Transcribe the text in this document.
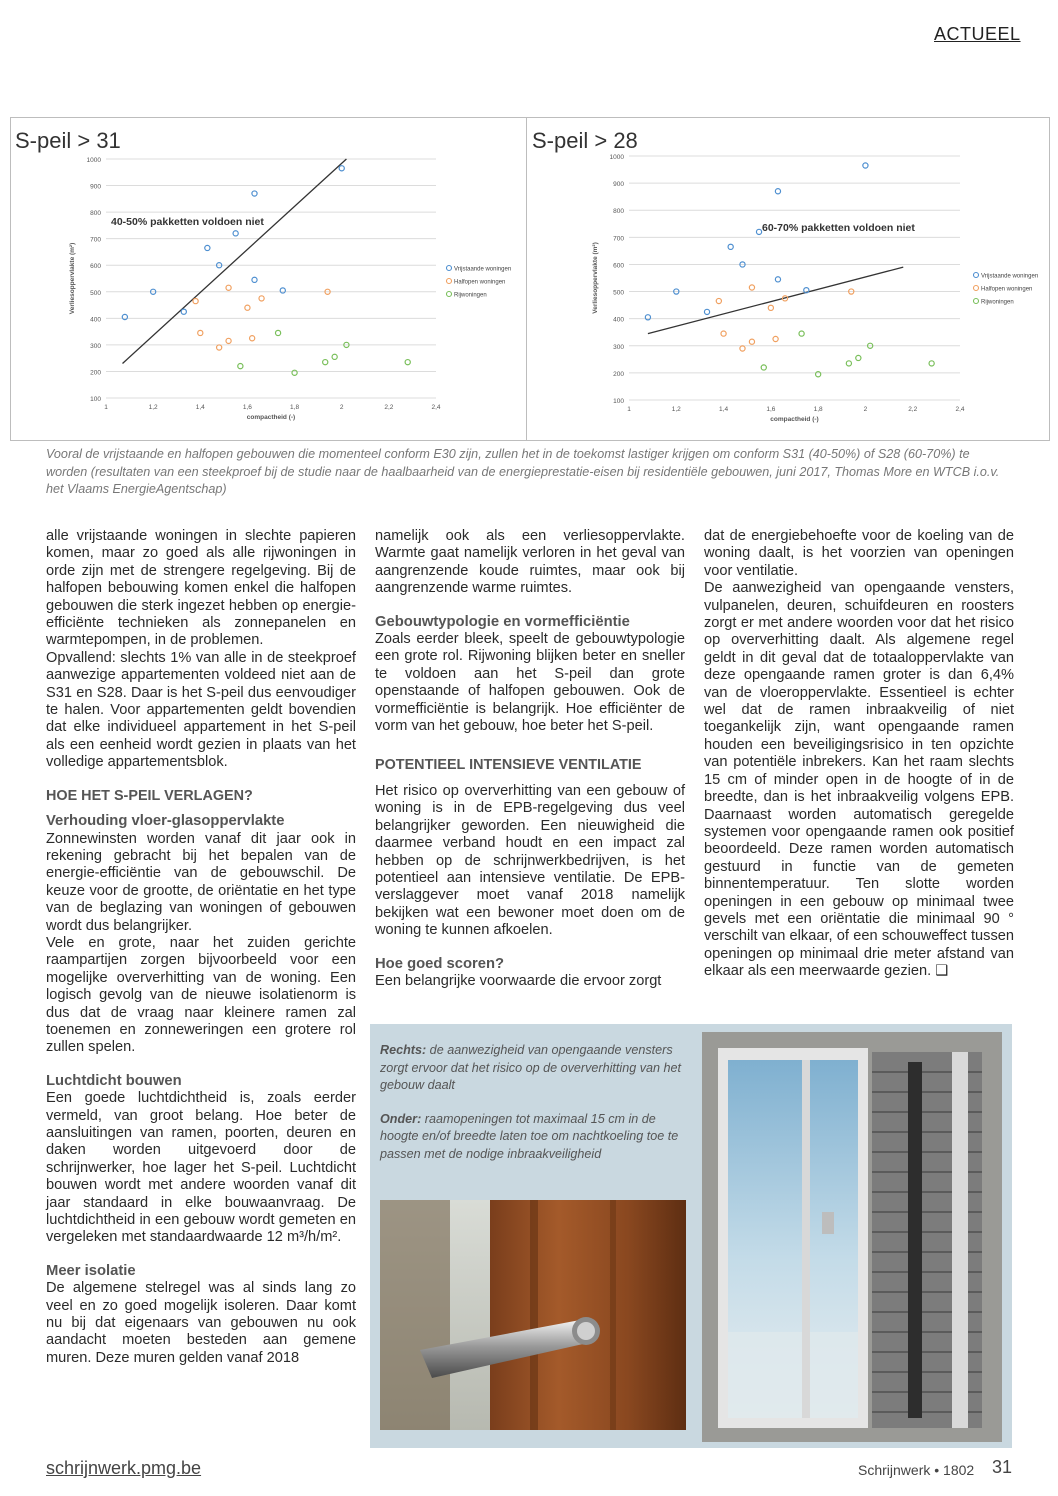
ACTUEEL
S-peil > 31
100
200
300
400
500
600
700
800
900
1000
1	1,2	1,4	1,6	1,8	2	2,2	2,4
compactheid (-)
Verliesoppervlakte (m²)
40-50% pakketten voldoen niet
Vrijstaande woningen
Halfopen woningen
Rijwoningen
S-peil > 28
100
200
300
400
500
600
700
800
900
1000
1	1,2	1,4	1,6	1,8	2	2,2	2,4
compactheid (-)
Verliesoppervlakte (m²)
60-70% pakketten voldoen niet
Vrijstaande woningen
Halfopen woningen
Rijwoningen
Vooral de vrijstaande en halfopen gebouwen die momenteel conform E30 zijn, zullen het in de toekomst lastiger krijgen om conform S31 (40-50%) of S28 (60-70%) te worden (resultaten van een steekproef bij de studie naar de haalbaarheid van de energieprestatie-eisen bij residentiële gebouwen, juni 2017, Thomas More en WTCB i.o.v. het Vlaams EnergieAgentschap)

alle vrijstaande woningen in slechte papieren komen, maar zo goed als alle rijwoningen in orde zijn met de strengere regelgeving. Bij de halfopen bebouwing komen enkel die halfopen gebouwen die sterk ingezet hebben op energie-efficiënte technieken als zonnepanelen en warmtepompen, in de problemen.

Opvallend: slechts 1% van alle in de steekproef aanwezige appartementen voldeed niet aan de S31 en S28. Daar is het S-peil dus eenvoudiger te halen. Voor appartementen geldt bovendien dat elke individueel appartement in het S-peil als een eenheid wordt gezien in plaats van het volledige appartementsblok.

HOE HET S-PEIL VERLAGEN?
Verhouding vloer-glasoppervlakte

Zonnewinsten worden vanaf dit jaar ook in rekening gebracht bij het bepalen van de energie-efficiëntie van de gebouwschil. De keuze voor de grootte, de oriëntatie en het type van de beglazing van woningen of gebouwen wordt dus belangrijker.

Vele en grote, naar het zuiden gerichte raampartijen zorgen bijvoorbeeld voor een mogelijke oververhitting van de woning. Een logisch gevolg van de nieuwe isolatienorm is dus dat de vraag naar kleinere ramen zal toenemen en zonneweringen een grotere rol zullen spelen.

Luchtdicht bouwen

Een goede luchtdichtheid is, zoals eerder vermeld, van groot belang. Hoe beter de aansluitingen van ramen, poorten, deuren en daken worden uitgevoerd door de schrijnwerker, hoe lager het S-peil. Luchtdicht bouwen wordt met andere woorden vanaf dit jaar standaard in elke bouwaanvraag. De luchtdichtheid in een gebouw wordt gemeten en vergeleken met standaardwaarde 12 m³/h/m².

Meer isolatie

De algemene stelregel was al sinds lang zo veel en zo goed mogelijk isoleren. Daar komt nu bij dat eigenaars van gebouwen nu ook aandacht moeten besteden aan gemene muren. Deze muren gelden vanaf 2018

namelijk ook als een verliesoppervlakte. Warmte gaat namelijk verloren in het geval van aangrenzende koude ruimtes, maar ook bij aangrenzende warme ruimtes.

Gebouwtypologie en vormefficiëntie

Zoals eerder bleek, speelt de gebouwtypologie een grote rol. Rijwoning blijken beter en sneller te voldoen aan het S-peil dan grote openstaande of halfopen gebouwen. Ook de vormefficiëntie is belangrijk. Hoe efficiënter de vorm van het gebouw, hoe beter het S-peil.

POTENTIEEL INTENSIEVE VENTILATIE

Het risico op oververhitting van een gebouw of woning is in de EPB-regelgeving dus veel belangrijker geworden. Een nieuwigheid die daarmee verband houdt en een impact zal hebben op de schrijnwerkbedrijven, is het potentieel aan intensieve ventilatie. De EPB-verslaggever moet vanaf 2018 namelijk bekijken wat een bewoner moet doen om de woning te kunnen afkoelen.

Hoe goed scoren?

Een belangrijke voorwaarde die ervoor zorgt

dat de energiebehoefte voor de koeling van de woning daalt, is het voorzien van openingen voor ventilatie.

De aanwezigheid van opengaande vensters, vulpanelen, deuren, schuifdeuren en roosters zorgt er met andere woorden voor dat het risico op oververhitting daalt. Als algemene regel geldt in dit geval dat de totaaloppervlakte van deze opengaande ramen groter is dan 6,4% van de vloeroppervlakte. Essentieel is echter wel dat de ramen inbraakveilig of niet toegankelijk zijn, want opengaande ramen houden een beveiligingsrisico in ten opzichte van potentiële inbrekers. Kan het raam slechts 15 cm of minder open in de hoogte of in de breedte, dan is het inbraakveilig volgens EPB. Daarnaast worden automatisch geregelde systemen voor opengaande ramen ook positief beoordeeld. Deze ramen worden automatisch gestuurd in functie van de gemeten binnentemperatuur. Ten slotte worden openingen in een gebouw op minimaal twee gevels met een oriëntatie die minimaal 90 ° verschilt van elkaar, of een schouweffect tussen openingen op minimaal drie meter afstand van elkaar als een meerwaarde gezien. ❑

Rechts: de aanwezigheid van opengaande vensters zorgt ervoor dat het risico op de oververhitting van het gebouw daalt
Onder: raamopeningen tot maximaal 15 cm in de hoogte en/of breedte laten toe om nachtkoeling toe te passen met de nodige inbraakveiligheid
schrijnwerk.pmg.be	Schrijnwerk • 1802 31
